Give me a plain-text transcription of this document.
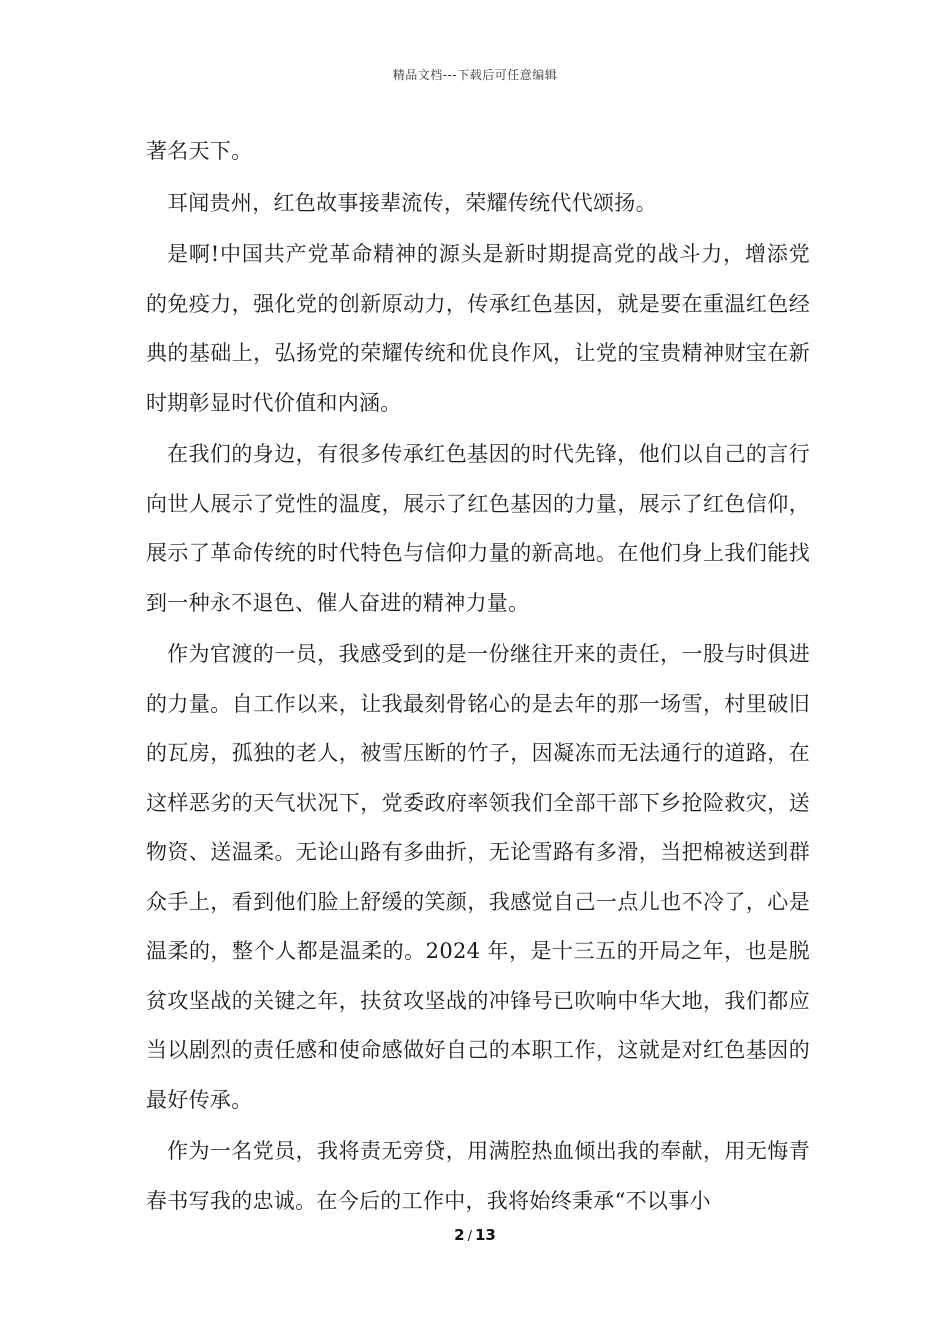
精品文档---下载后可任意编辑

著名天下。

耳闻贵州，红色故事接辈流传，荣耀传统代代颂扬。

是啊!中国共产党革命精神的源头是新时期提高党的战斗力，增添党的免疫力，强化党的创新原动力，传承红色基因，就是要在重温红色经典的基础上，弘扬党的荣耀传统和优良作风，让党的宝贵精神财宝在新时期彰显时代价值和内涵。

在我们的身边，有很多传承红色基因的时代先锋，他们以自己的言行向世人展示了党性的温度，展示了红色基因的力量，展示了红色信仰，展示了革命传统的时代特色与信仰力量的新高地。在他们身上我们能找到一种永不退色、催人奋进的精神力量。

作为官渡的一员，我感受到的是一份继往开来的责任，一股与时俱进的力量。自工作以来，让我最刻骨铭心的是去年的那一场雪，村里破旧的瓦房，孤独的老人，被雪压断的竹子，因凝冻而无法通行的道路，在这样恶劣的天气状况下，党委政府率领我们全部干部下乡抢险救灾，送物资、送温柔。无论山路有多曲折，无论雪路有多滑，当把棉被送到群众手上，看到他们脸上舒缓的笑颜，我感觉自己一点儿也不冷了，心是温柔的，整个人都是温柔的。2024 年，是十三五的开局之年，也是脱贫攻坚战的关键之年，扶贫攻坚战的冲锋号已吹响中华大地，我们都应当以剧烈的责任感和使命感做好自己的本职工作，这就是对红色基因的最好传承。

作为一名党员，我将责无旁贷，用满腔热血倾出我的奉献，用无悔青春书写我的忠诚。在今后的工作中，我将始终秉承“不以事小

2 / 13
